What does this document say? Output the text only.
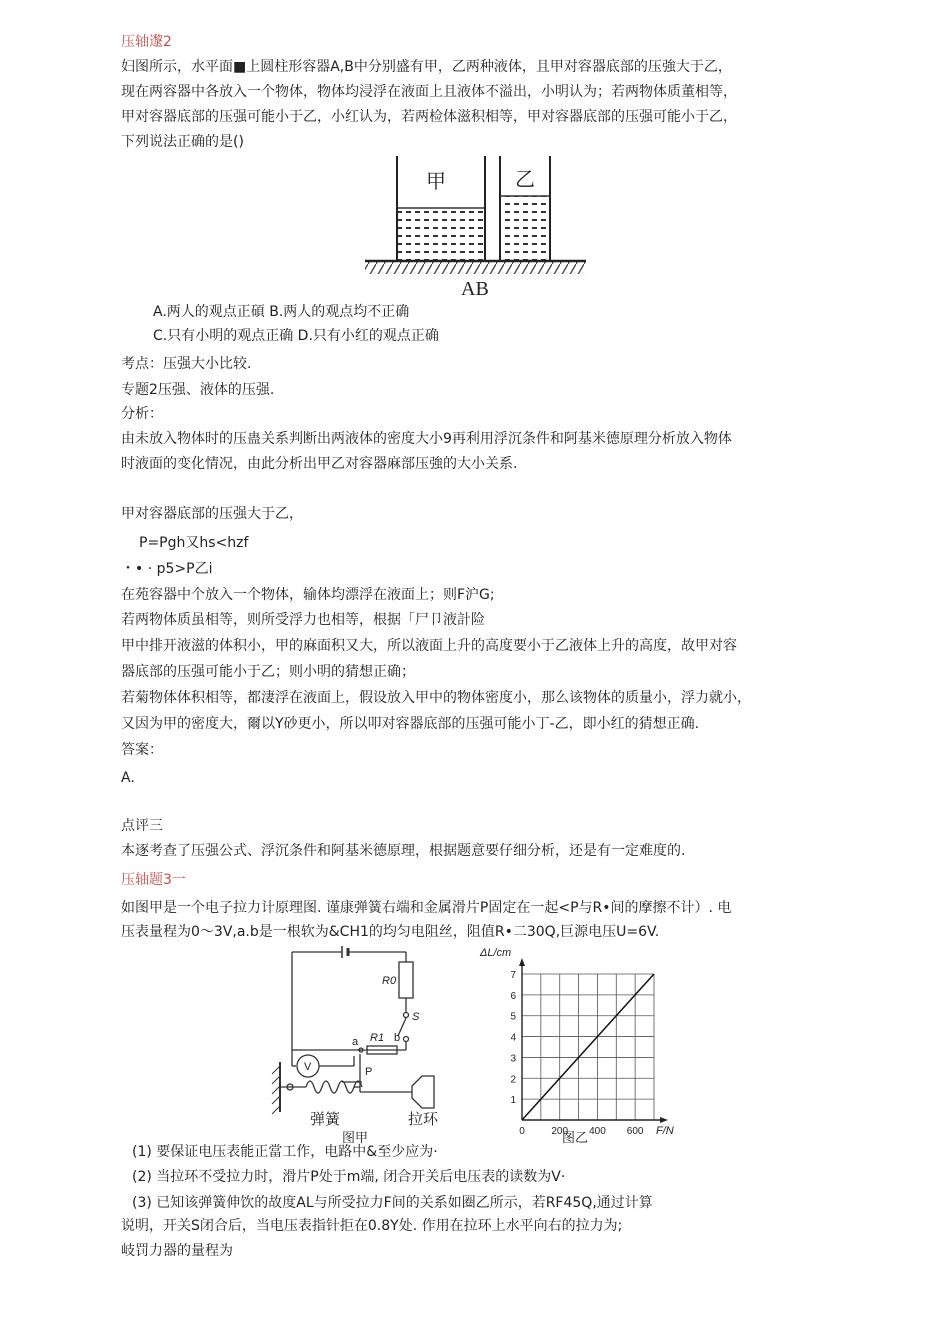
压轴邌2
妇图所示，水平面■上圆柱形容器A,B中分别盛有甲，乙两种液体，且甲对容器底部的压強大于乙，
现在两容器中各放入一个物体，物体均浸浮在液面上且液体不溢出，小明认为；若两物体质董相等，
甲对容器底部的压强可能小于乙，小红认为，若两检体滋积相等，甲对容器底部的压强可能小于乙，
下列说法正确的是()
甲	乙
AB
A.两人的观点正碩 B.两人的观点均不正确
C.只有小明的观点正确 D.只有小红的观点正确
考点：压强大小比较.
专题2压强、液体的压强.
分析：
由未放入物体时的压蛊关系判断出两液体的密度大小9再利用浮沉条件和阿基米德原理分析放入物体
时液面的变化情况，由此分析出甲乙对容器麻部压強的大小关系.
甲对容器底部的压强大于乙，
P=Pgh又hs<hzf
・• · p5>P乙i
在苑容器中个放入一个物体，输体均漂浮在液面上；则F沪G;
若两物体质虽相等，则所受浮力也相等，根据「尸卩液計险
甲中排开液滋的体积小，甲的麻面积又大，所以液面上升的高度要小于乙液体上升的高度，故甲对容
器底部的压强可能小于乙；则小明的猜想正确；
若菊物体体积相等，都淒浮在液面上，假设放入甲中的物体密度小，那么该物体的质量小，浮力就小，
又因为甲的密度大，爾以Y砂更小，所以叩对容器底部的压强可能小丁-乙，即小红的猜想正确.
答案：
A.
点评三
本逐考查了压强公式、浮沉条件和阿基米德原理，根据题意要仔细分析，还是有一定难度的.
压轴题3一
如图甲是一个电子拉力计原理图. 谨康弹簧右端和金属滑片P固定在一起<P与R•间的摩擦不计）. 电
压表量程为0〜3V,a.b是一根软为&CH1的均匀电阻丝，阻值R•二30Q,巨源电压U=6V.
R0
S
R1
a	b
V	P
弹簧	拉环
图甲	0	200 400 600
1
2
3
4
5
6
7
ΔL/cm
F/N
图乙
(1) 要保证电压表能正當工作，电路中&至少应为·
(2) 当拉环不受拉力时，滑片P处于m端, 闭合开关后电压表的读数为V·
(3) 已知该弹簧伸饮的故度AL与所受拉力F间的关系如圈乙所示，若RF45Q,通过计算
说明，开关S闭合后，当电压表指针拒在0.8Y处. 作用在拉环上水平向右的拉力为;
岐罚力器的量程为
